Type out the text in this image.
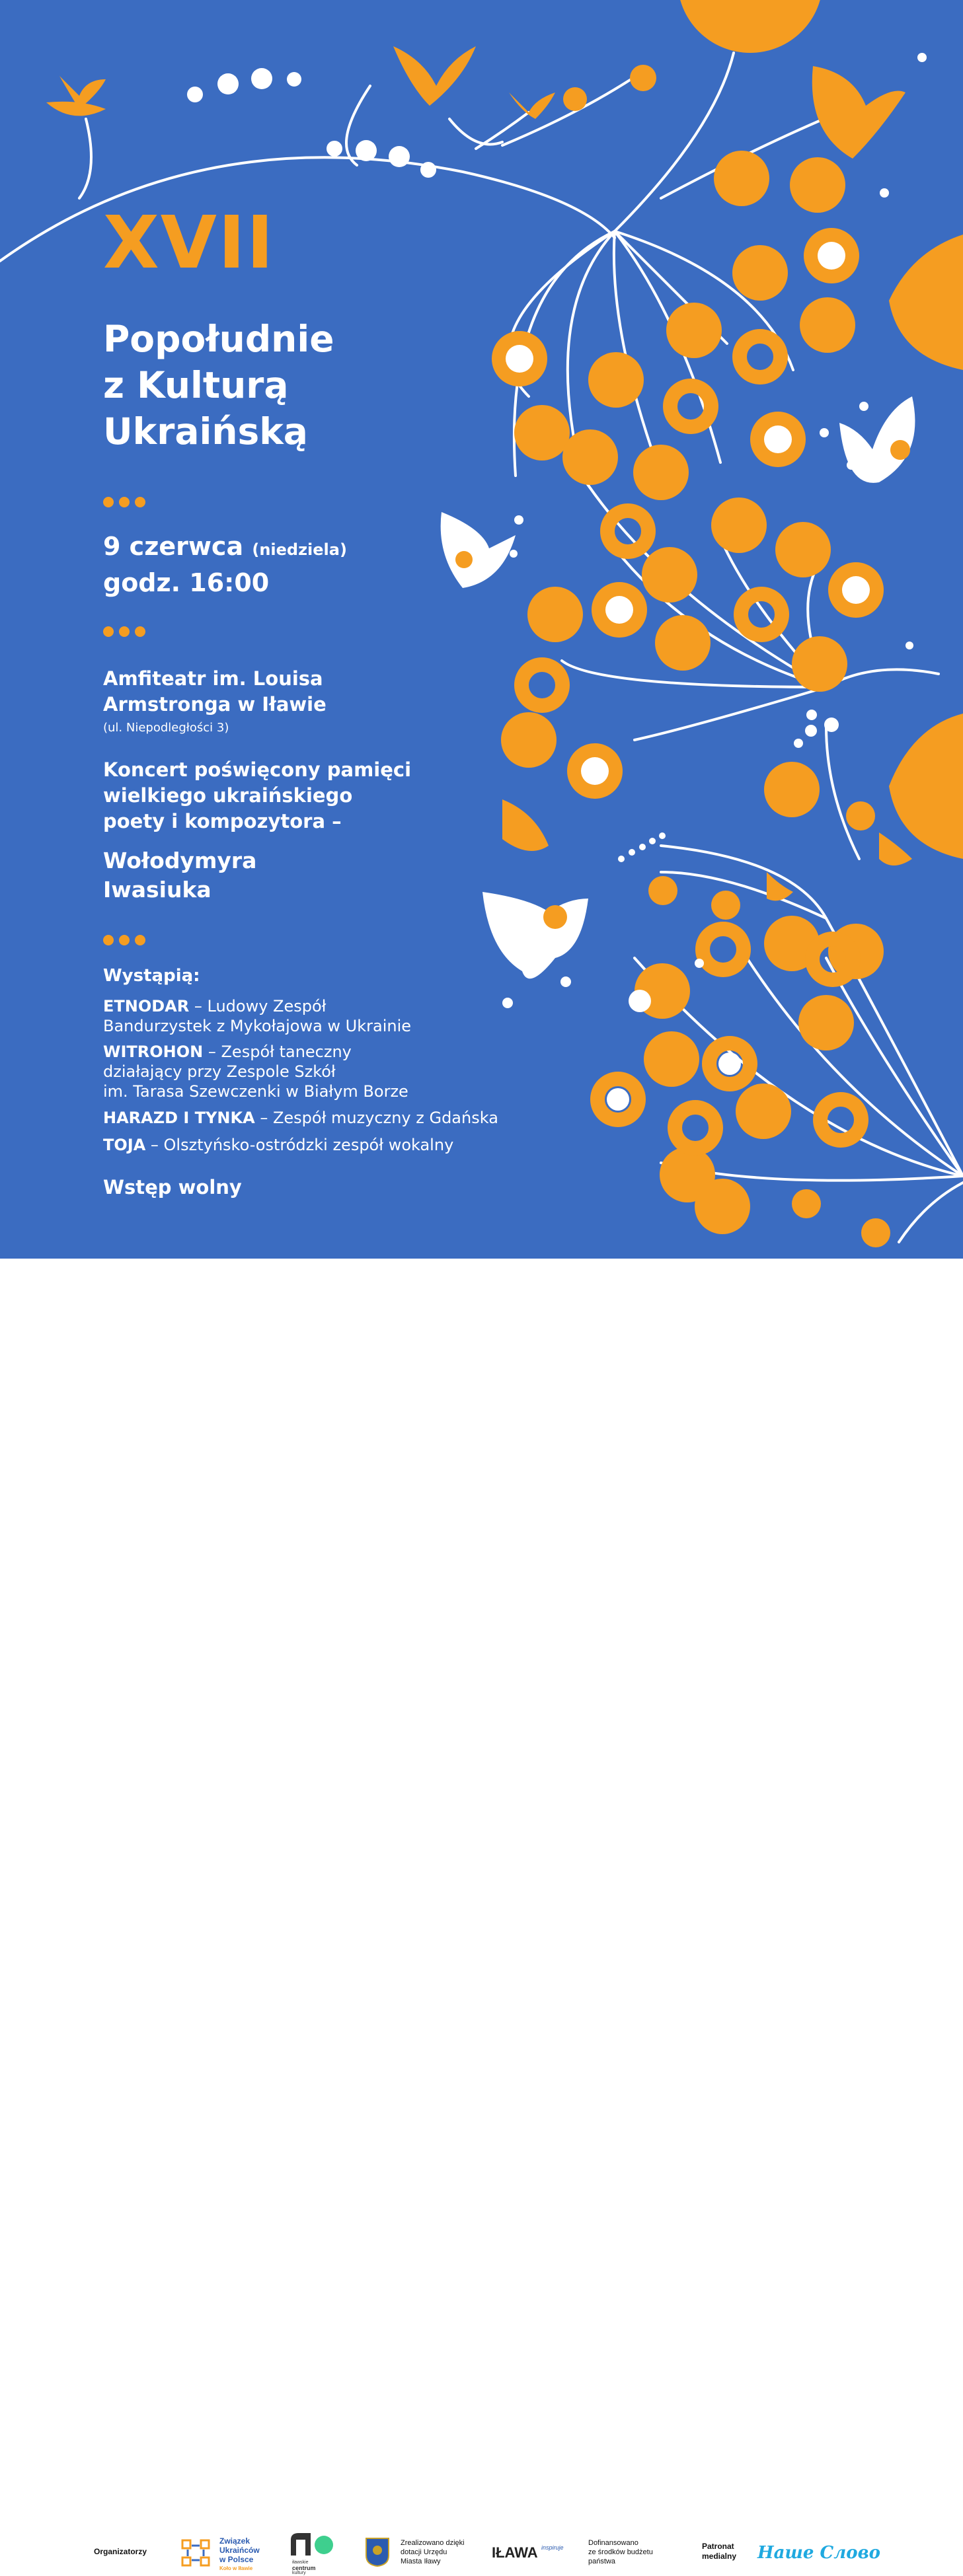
XVII
Popołudnie
z Kulturą
Ukraińską
9 czerwca (niedziela)
godz. 16:00
Amfiteatr im. Louisa
Armstronga w Iławie
(ul. Niepodległości 3)
Koncert poświęcony pamięci
wielkiego ukraińskiego
poety i kompozytora –
Wołodymyra
Iwasiuka
Wystąpią:
ETNODAR – Ludowy Zespół
Bandurzystek z Mykołajowa w Ukrainie
WITROHON – Zespół taneczny
działający przy Zespole Szkół
im. Tarasa Szewczenki w Białym Borze
HARAZD I TYNKA – Zespół muzyczny z Gdańska
TOJA – Olsztyńsko-ostródzki zespół wokalny
Wstęp wolny
Organizatorzy
Związek
Ukraińców
w Polsce
Koło w Iławie
iławskie
centrum
kultury
Zrealizowano dzięki
dotacji Urzędu
Miasta Iławy
IŁAWA $^{inspiruje}$
Dofinansowano
ze środków budżetu
państwa
Patronat
medialny Наше Слово
